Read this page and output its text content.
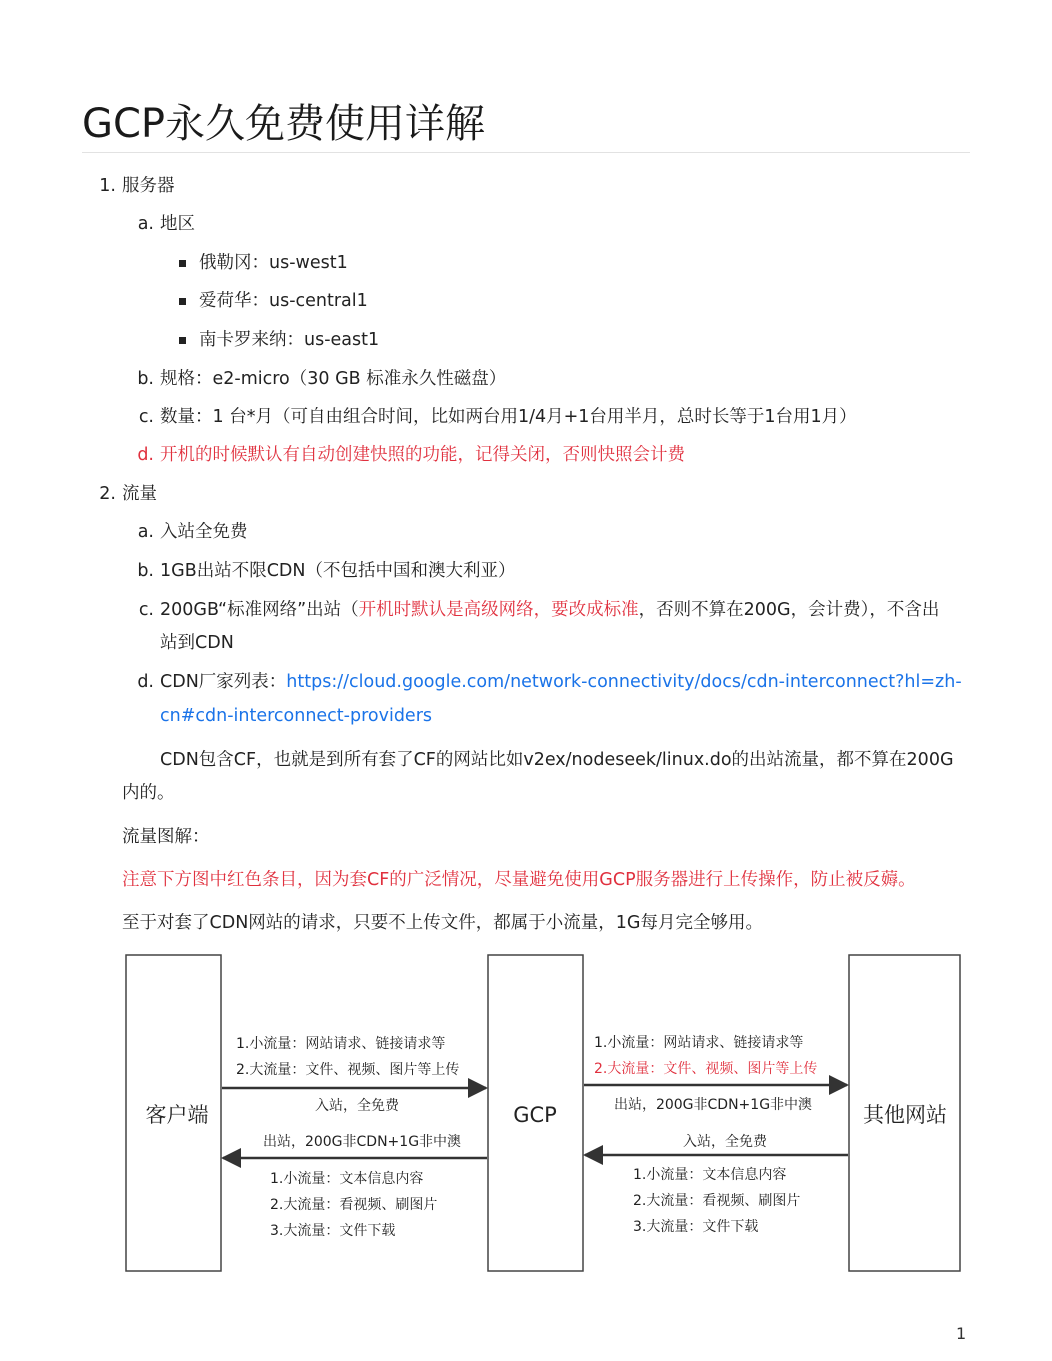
GCP永久免费使用详解
1. 服务器
a. 地区
俄勒冈：us-west1
爱荷华：us-central1
南卡罗来纳：us-east1
b. 规格：e2-micro（30 GB 标准永久性磁盘）
c. 数量：1 台*月（可自由组合时间，比如两台用1/4月+1台用半月，总时长等于1台用1月）
d. 开机的时候默认有自动创建快照的功能，记得关闭，否则快照会计费
2. 流量
a. 入站全免费
b. 1GB出站不限CDN（不包括中国和澳大利亚）
c. 200GB“标准网络”出站（开机时默认是高级网络，要改成标准，否则不算在200G，会计费），不含出
站到CDN
d. CDN厂家列表：https://cloud.google.com/network-connectivity/docs/cdn-interconnect?hl=zh-
cn#cdn-interconnect-providers
CDN包含CF，也就是到所有套了CF的网站比如v2ex/nodeseek/linux.do的出站流量，都不算在200G
内的。
流量图解：
注意下方图中红色条目，因为套CF的广泛情况，尽量避免使用GCP服务器进行上传操作，防止被反薅。
至于对套了CDN网站的请求，只要不上传文件，都属于小流量，1G每月完全够用。
客户端	GCP	其他网站
1.小流量：网站请求、链接请求等
2.大流量：文件、视频、图片等上传
入站，全免费
出站，200G非CDN+1G非中澳
1.小流量：文本信息内容
2.大流量：看视频、刷图片
3.大流量：文件下载
1.小流量：网站请求、链接请求等
2.大流量：文件、视频、图片等上传
出站，200G非CDN+1G非中澳
入站，全免费
1.小流量：文本信息内容
2.大流量：看视频、刷图片
3.大流量：文件下载
1
